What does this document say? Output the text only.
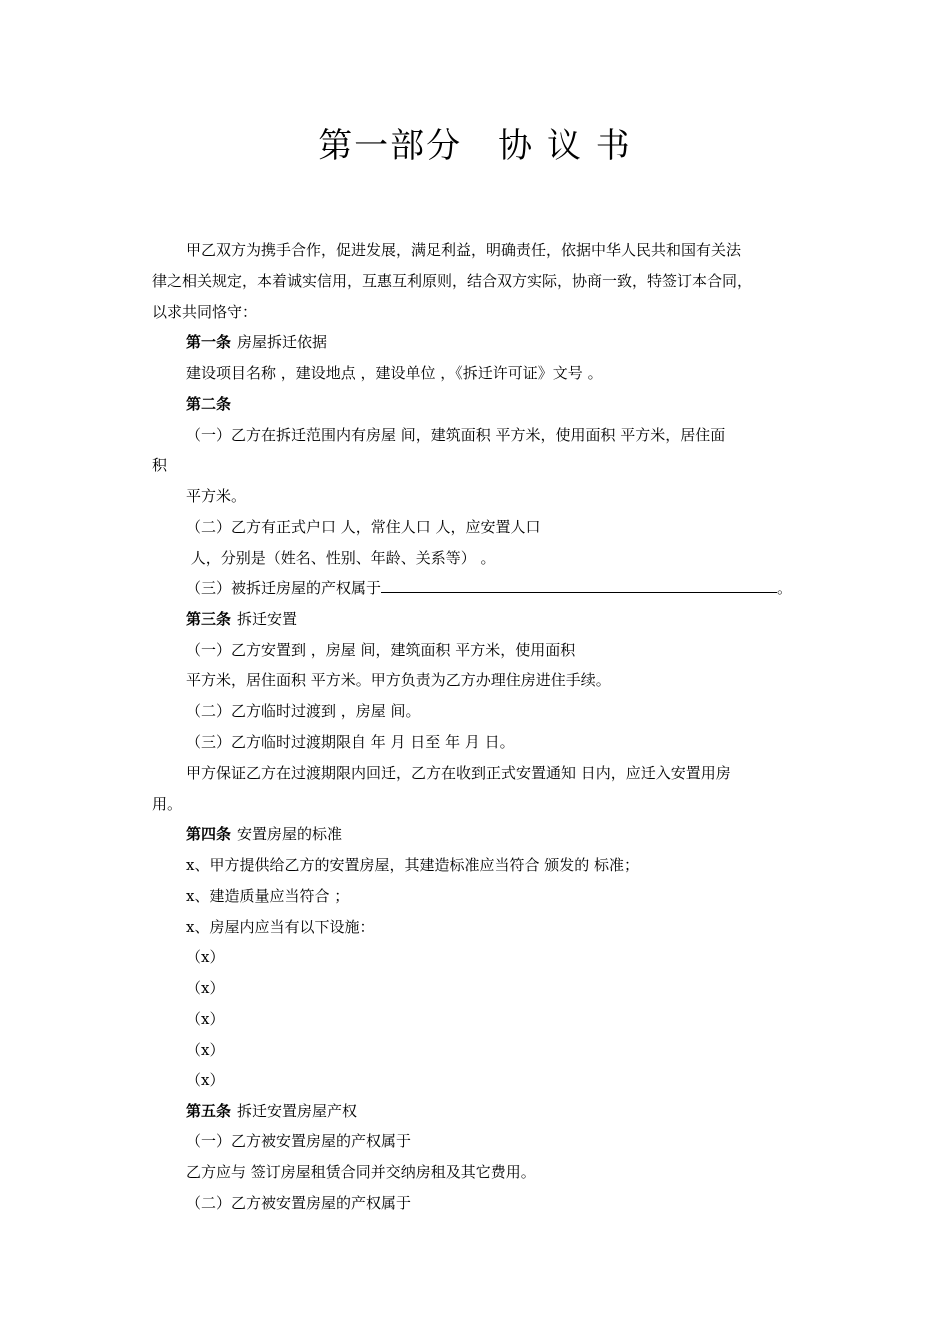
第一部分　协 议 书
甲乙双方为携手合作，促进发展，满足利益，明确责任，依据中华人民共和国有关法
律之相关规定，本着诚实信用，互惠互利原则，结合双方实际，协商一致，特签订本合同，
以求共同恪守：
第一条 房屋拆迁依据
建设项目名称 ，建设地点 ，建设单位 ，《拆迁许可证》文号 。
第二条
（一）乙方在拆迁范围内有房屋 间，建筑面积 平方米，使用面积 平方米，居住面
积
平方米。
（二）乙方有正式户口 人，常住人口 人，应安置人口
人，分别是（姓名、性别、年龄、关系等） 。
（三）被拆迁房屋的产权属于	。
第三条 拆迁安置
（一）乙方安置到 ，房屋 间，建筑面积 平方米，使用面积
平方米，居住面积 平方米。甲方负责为乙方办理住房进住手续。
（二）乙方临时过渡到 ，房屋 间。
（三）乙方临时过渡期限自 年 月 日至 年 月 日。
甲方保证乙方在过渡期限内回迁，乙方在收到正式安置通知 日内，应迁入安置用房
用。
第四条 安置房屋的标准
x、甲方提供给乙方的安置房屋，其建造标准应当符合 颁发的 标准；
x、建造质量应当符合 ；
x、房屋内应当有以下设施：
（x）
（x）
（x）
（x）
（x）
第五条 拆迁安置房屋产权
（一）乙方被安置房屋的产权属于
乙方应与 签订房屋租赁合同并交纳房租及其它费用。
（二）乙方被安置房屋的产权属于
